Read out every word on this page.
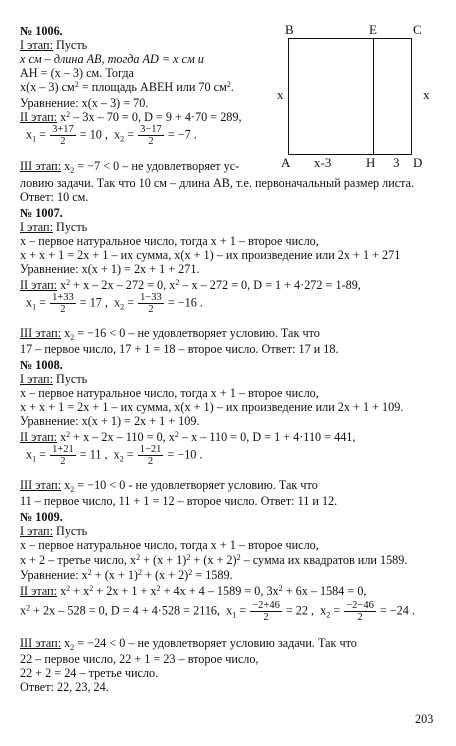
№ 1006.
I этап: Пусть
x см – длина АВ, тогда AD = x см и
AH = (x – 3) см. Тогда
x(x – 3) $см^2$ = площадь ABEH или 70 $см^2$.
Уравнение: x(x – 3) = 70.
II этап: $x^2 - 3x - 70 = 0$, D = 9 + 4·70 = 289,
$x_1 = \frac{3+17}{2} = 10$ ,  $x_2 = \frac{3-17}{2} = -7$ .
III этап: $x_2 = -7 < 0$ – не удовлетворяет ус-
ловию задачи. Так что 10 см – длина АВ, т.е. первоначальный размер листа.
Ответ: 10 см.
B	E	C
x	x
A x-3	H 3 D
№ 1007.
I этап: Пусть
x – первое натуральное число, тогда x + 1 – второе число,
x + x + 1 = 2x + 1 – их сумма, x(x + 1) – их произведение или 2x + 1 + 271
Уравнение: x(x + 1) = 2x + 1 + 271.
II этап: $x^2 + x - 2x - 272 = 0$, $x^2 - x - 272 = 0$, D = 1 + 4·272 = 1-89,
$x_1 = \frac{1+33}{2} = 17$ ,  $x_2 = \frac{1-33}{2} = -16$ .
III этап: $x_2 = -16 < 0$ – не удовлетворяет условию. Так что
17 – первое число, 17 + 1 = 18 – второе число. Ответ: 17 и 18.
№ 1008.
I этап: Пусть
x – первое натуральное число, тогда x + 1 – второе число,
x + x + 1 = 2x + 1 – их сумма, x(x + 1) – их произведение или 2x + 1 + 109.
Уравнение: x(x + 1) = 2x + 1 + 109.
II этап: $x^2 + x - 2x - 110 = 0$, $x^2 - x - 110 = 0$, D = 1 + 4·110 = 441,
$x_1 = \frac{1+21}{2} = 11$ ,  $x_2 = \frac{1-21}{2} = -10$ .
III этап: $x_2 = -10 < 0$ - не удовлетворяет условию. Так что
11 – первое число, 11 + 1 = 12 – второе число. Ответ: 11 и 12.
№ 1009.
I этап: Пусть
x – первое натуральное число, тогда x + 1 – второе число,
x + 2 – третье число, $x^2 + (x + 1)^2 + (x + 2)^2$ – сумма их квадратов или 1589.
Уравнение: $x^2 + (x + 1)^2 + (x + 2)^2 = 1589$.
II этап: $x^2 + x^2 + 2x + 1 + x^2 + 4x + 4 - 1589 = 0$, $3x^2 + 6x - 1584 = 0$,
$x^2 + 2x - 528 = 0$, D = 4 + 4·528 = 2116,  $x_1 = \frac{-2+46}{2} = 22$ ,  $x_2 = \frac{-2-46}{2} = -24$ .
III этап: $x_2 = -24 < 0$ – не удовлетворяет условию задачи. Так что
22 – первое число, 22 + 1 = 23 – второе число,
22 + 2 = 24 – третье число.
Ответ: 22, 23, 24.
203
